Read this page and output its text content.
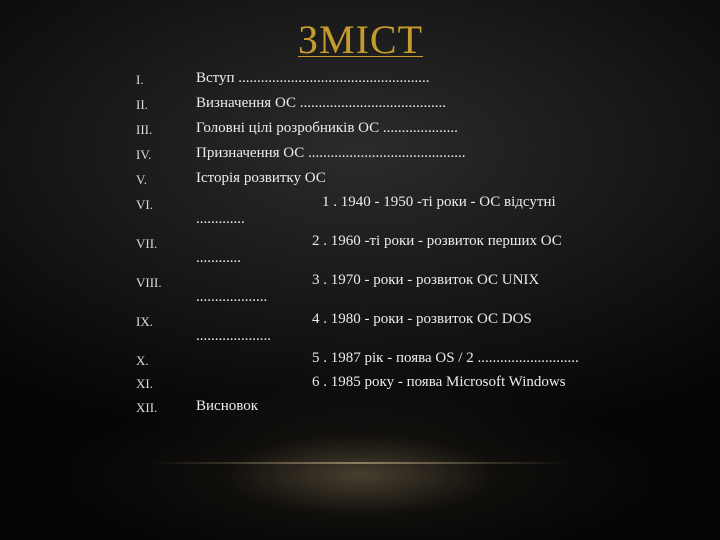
ЗМІСТ
I.
II.
III.
IV.
V.
VI.
VII.
VIII.
IX.
X.
XI.
XII.
Вступ ...................................................
Визначення ОС .......................................
Головні цілі розробників ОС ....................
Призначення ОС ..........................................
Історія розвитку ОС
1 . 1940 - 1950 -ті роки - ОС відсутні
.............
2 . 1960 -ті роки - розвиток перших ОС
............
3 . 1970 - роки - розвиток ОС UNIX
...................
4 . 1980 - роки - розвиток ОС DOS
....................
5 . 1987 рік - поява OS / 2 ...........................
6 . 1985 року - поява Microsoft Windows
Висновок
